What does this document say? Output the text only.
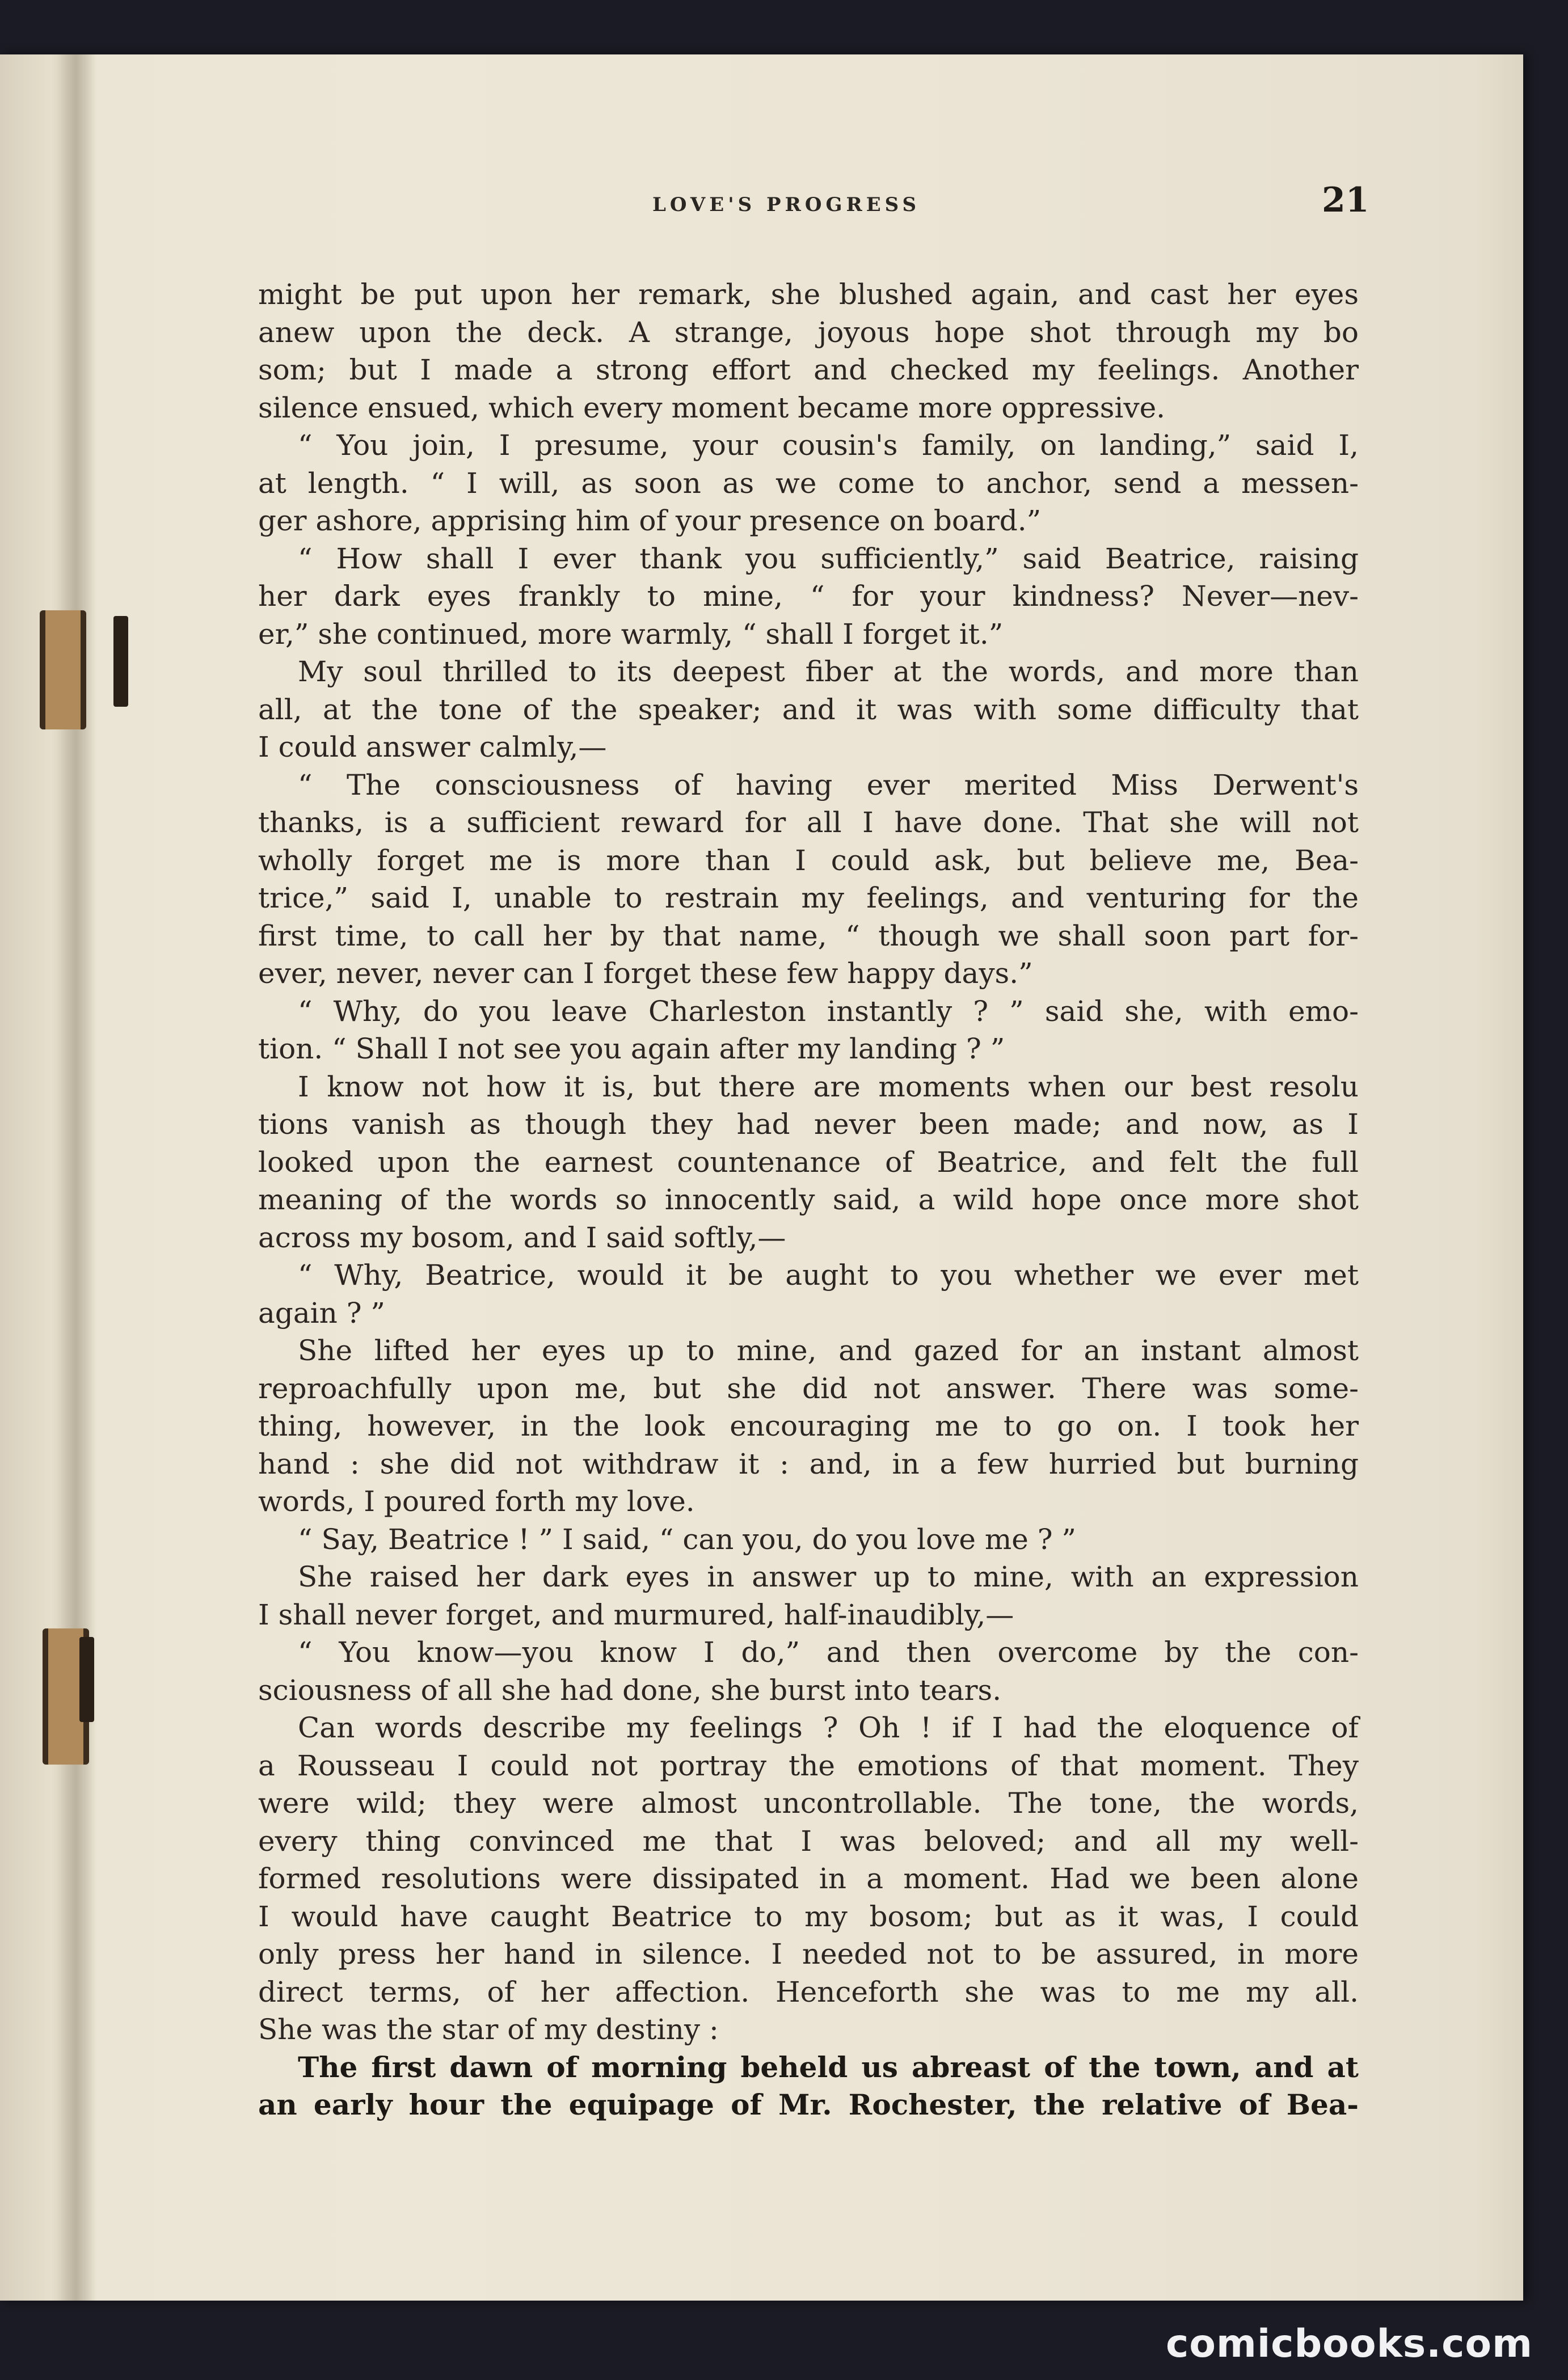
LOVE'S PROGRESS	21
might be put upon her remark, she blushed again, and cast her eyes
anew upon the deck. A strange, joyous hope shot through my bo
som; but I made a strong effort and checked my feelings. Another
silence ensued, which every moment became more oppressive.
“ You join, I presume, your cousin's family, on landing,” said I,
at length. “ I will, as soon as we come to anchor, send a messen-
ger ashore, apprising him of your presence on board.”
“ How shall I ever thank you sufficiently,” said Beatrice, raising
her dark eyes frankly to mine, “ for your kindness? Never—nev-
er,” she continued, more warmly, “ shall I forget it.”
My soul thrilled to its deepest fiber at the words, and more than
all, at the tone of the speaker; and it was with some difficulty that
I could answer calmly,—
“ The consciousness of having ever merited Miss Derwent's
thanks, is a sufficient reward for all I have done. That she will not
wholly forget me is more than I could ask, but believe me, Bea-
trice,” said I, unable to restrain my feelings, and venturing for the
first time, to call her by that name, “ though we shall soon part for-
ever, never, never can I forget these few happy days.”
“ Why, do you leave Charleston instantly ? ” said she, with emo-
tion. “ Shall I not see you again after my landing ? ”
I know not how it is, but there are moments when our best resolu
tions vanish as though they had never been made; and now, as I
looked upon the earnest countenance of Beatrice, and felt the full
meaning of the words so innocently said, a wild hope once more shot
across my bosom, and I said softly,—
“ Why, Beatrice, would it be aught to you whether we ever met
again ? ”
She lifted her eyes up to mine, and gazed for an instant almost
reproachfully upon me, but she did not answer. There was some-
thing, however, in the look encouraging me to go on. I took her
hand : she did not withdraw it : and, in a few hurried but burning
words, I poured forth my love.
“ Say, Beatrice ! ” I said, “ can you, do you love me ? ”
She raised her dark eyes in answer up to mine, with an expression
I shall never forget, and murmured, half-inaudibly,—
“ You know—you know I do,” and then overcome by the con-
sciousness of all she had done, she burst into tears.
Can words describe my feelings ? Oh ! if I had the eloquence of
a Rousseau I could not portray the emotions of that moment. They
were wild; they were almost uncontrollable. The tone, the words,
every thing convinced me that I was beloved; and all my well-
formed resolutions were dissipated in a moment. Had we been alone
I would have caught Beatrice to my bosom; but as it was, I could
only press her hand in silence. I needed not to be assured, in more
direct terms, of her affection. Henceforth she was to me my all.
She was the star of my destiny :
The first dawn of morning beheld us abreast of the town, and at
an early hour the equipage of Mr. Rochester, the relative of Bea-
comicbooks.com
